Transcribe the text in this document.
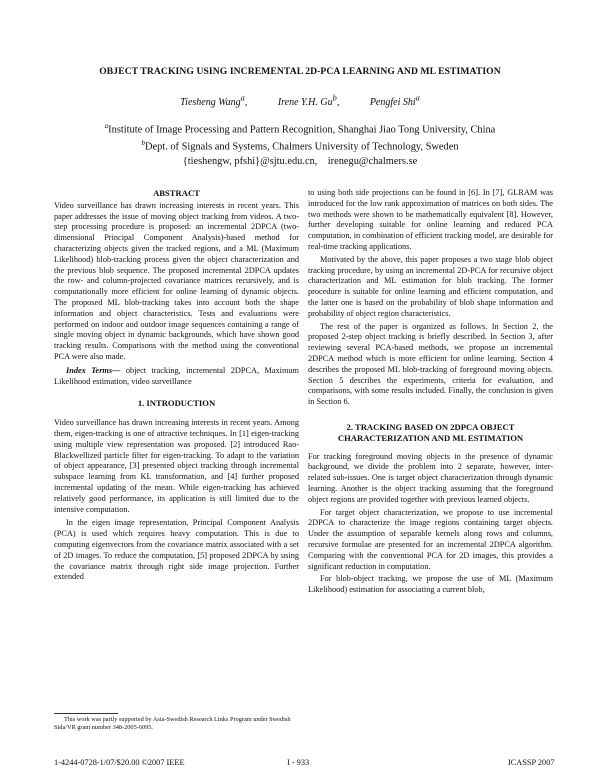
OBJECT TRACKING USING INCREMENTAL 2D-PCA LEARNING AND ML ESTIMATION
Tiesheng Wang$^a$,	Irene Y.H. Gu$^b$,	Pengfei Shi$^a$
$^a$Institute of Image Processing and Pattern Recognition, Shanghai Jiao Tong University, China
$^b$Dept. of Signals and Systems, Chalmers University of Technology, Sweden
{tieshengw, pfshi}@sjtu.edu.cn,    irenegu@chalmers.se

ABSTRACT

Video surveillance has drawn increasing interests in recent years. This paper addresses the issue of moving object tracking from videos. A two-step processing procedure is proposed: an incremental 2DPCA (two-dimensional Principal Component Analysis)-based method for characterizing objects given the tracked regions, and a ML (Maximum Likelihood) blob-tracking process given the object characterization and the previous blob sequence. The proposed incremental 2DPCA updates the row- and column-projected covariance matrices recursively, and is computationally more efficient for online learning of dynamic objects. The proposed ML blob-tracking takes into account both the shape information and object characteristics. Tests and evaluations were performed on indoor and outdoor image sequences containing a range of single moving object in dynamic backgrounds, which have shown good tracking results. Comparisons with the method using the conventional PCA were also made.

Index Terms— object tracking, incremental 2DPCA, Maximum Likelihood estimation, video surveillance

1. INTRODUCTION

Video surveillance has drawn increasing interests in recent years. Among them, eigen-tracking is one of attractive techniques. In [1] eigen-tracking using multiple view representation was proposed. [2] introduced Rao-Blackwellized particle filter for eigen-tracking. To adapt to the variation of object appearance, [3] presented object tracking through incremental subspace learning from KL transformation, and [4] further proposed incremental updating of the mean. While eigen-tracking has achieved relatively good performance, its application is still limited due to the intensive computation.

In the eigen image representation, Principal Component Analysis (PCA) is used which requires heavy computation. This is due to computing eigenvectors from the covariance matrix associated with a set of 2D images. To reduce the computation, [5] proposed 2DPCA by using the covariance matrix through right side image projection. Further extended

to using both side projections can be found in [6]. In [7], GLRAM was introduced for the low rank approximation of matrices on both sides. The two methods were shown to be mathematically equivalent [8]. However, further developing suitable for online learning and reduced PCA computation, in combination of efficient tracking model, are desirable for real-time tracking applications.

Motivated by the above, this paper proposes a two stage blob object tracking procedure, by using an incremental 2D-PCA for recursive object characterization and ML estimation for blob tracking. The former procedure is suitable for online learning and efficient computation, and the latter one is based on the probability of blob shape information and probability of object region characteristics.

The rest of the paper is organized as follows. In Section 2, the proposed 2-step object tracking is briefly described. In Section 3, after reviewing several PCA-based methods, we propose an incremental 2DPCA method which is more efficient for online learning. Section 4 describes the proposed ML blob-tracking of foreground moving objects. Section 5 describes the experiments, criteria for evaluation, and comparisons, with some results included. Finally, the conclusion is given in Section 6.

2. TRACKING BASED ON 2DPCA OBJECT
CHARACTERIZATION AND ML ESTIMATION

For tracking foreground moving objects in the presence of dynamic background, we divide the problem into 2 separate, however, inter-related sub-issues. One is target object characterization through dynamic learning. Another is the object tracking assuming that the foreground object regions are provided together with previous learned objects.

For target object characterization, we propose to use incremental 2DPCA to characterize the image regions containing target objects. Under the assumption of separable kernels along rows and columns, recursive formulae are presented for an incremental 2DPCA algorithm. Comparing with the conventional PCA for 2D images, this provides a significant reduction in computation.

For blob-object tracking, we propose the use of ML (Maximum Likelihood) estimation for associating a current blob,

This work was partly supported by Asia-Swedish Research Links Program under Swedish Sida/VR grant number 348-2005-6095.
1-4244-0728-1/07/$20.00 ©2007 IEEE	I - 933	ICASSP 2007
